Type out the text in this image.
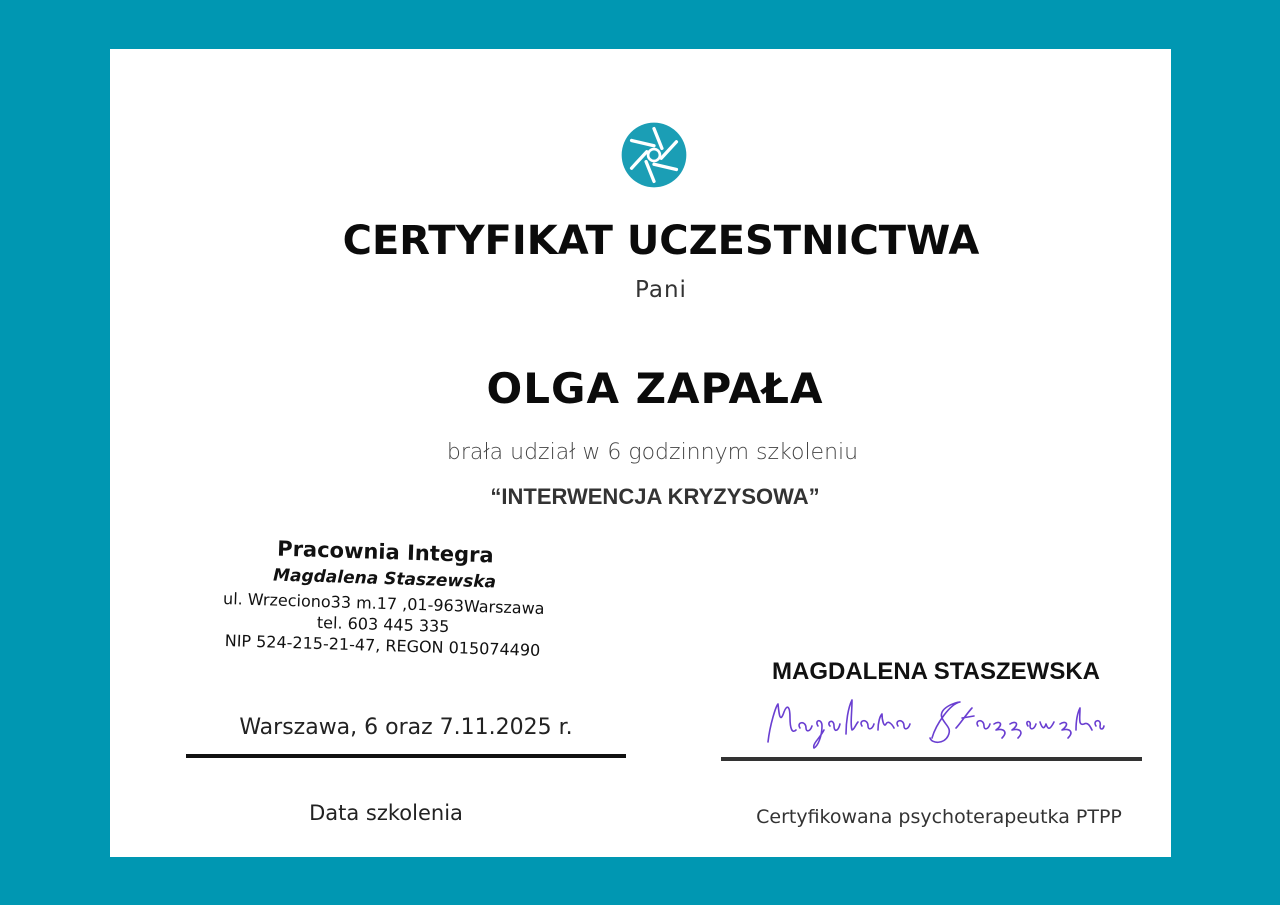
CERTYFIKAT UCZESTNICTWA
Pani
OLGA ZAPAŁA
brała udział w 6 godzinnym szkoleniu
“INTERWENCJA KRYZYSOWA”
Pracownia Integra
Magdalena Staszewska
ul. Wrzeciono33 m.17 ,01-963Warszawa
tel. 603 445 335
NIP 524-215-21-47, REGON 015074490
Warszawa, 6 oraz 7.11.2025 r.
Data szkolenia
MAGDALENA STASZEWSKA
Certyfikowana psychoterapeutka PTPP
